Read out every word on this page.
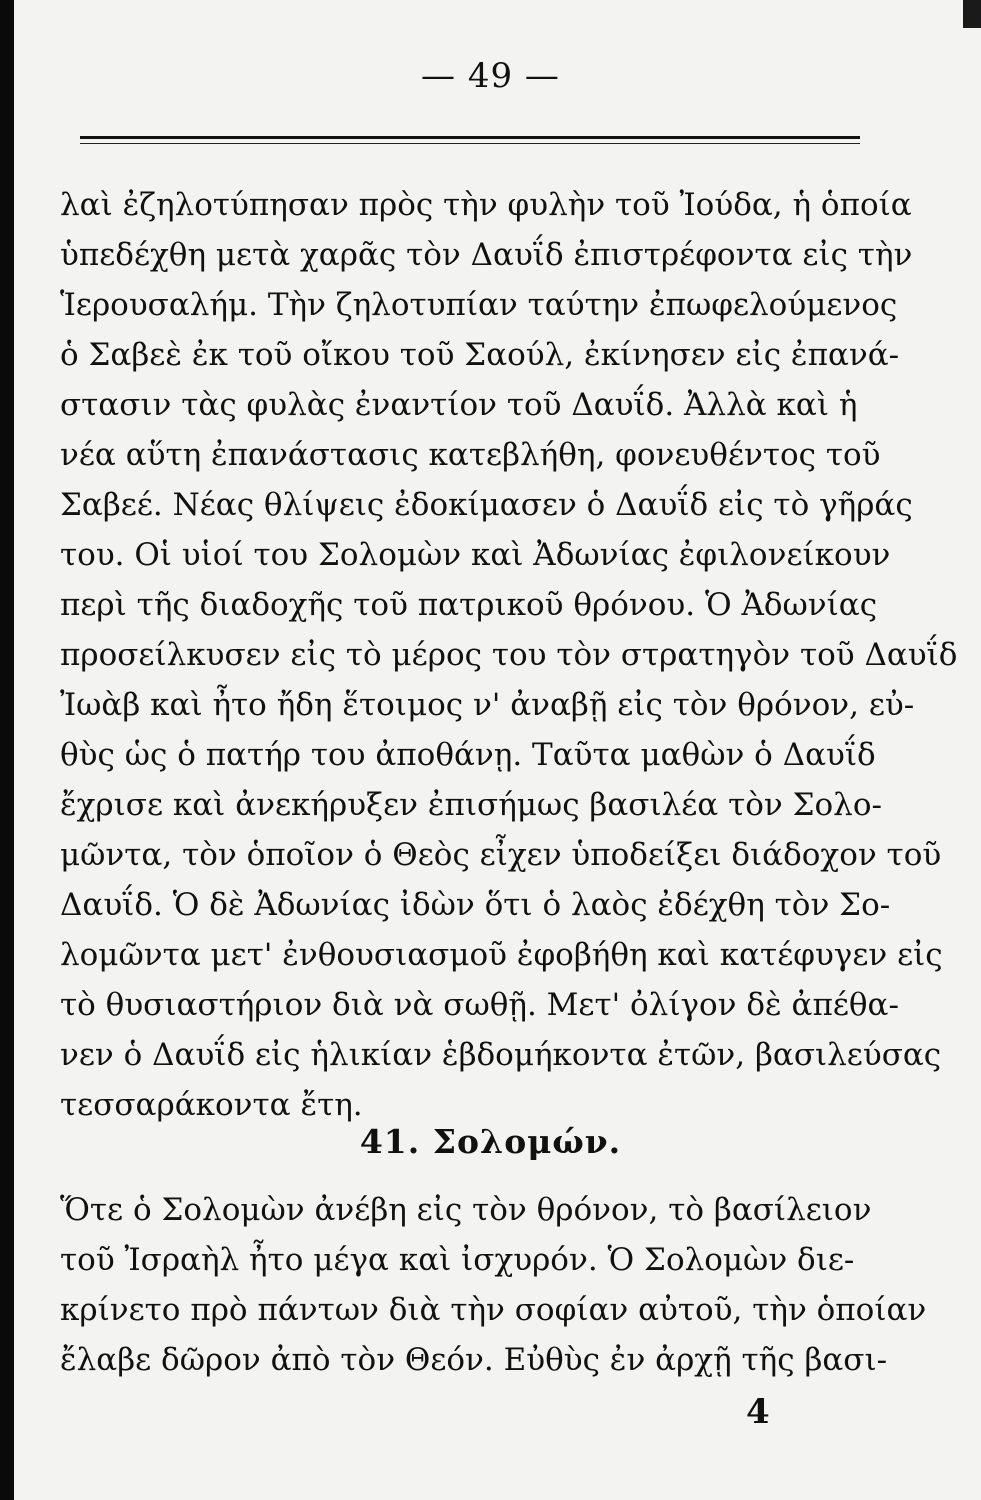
— 49 —
λαὶ ἐζηλοτύπησαν πρὸς τὴν φυλὴν τοῦ Ἰούδα, ἡ ὁποία
ὑπεδέχθη μετὰ χαρᾶς τὸν Δαυΐδ ἐπιστρέφοντα εἰς τὴν
Ἱερουσαλήμ. Τὴν ζηλοτυπίαν ταύτην ἐπωφελούμενος
ὁ Σαβεὲ ἐκ τοῦ οἴκου τοῦ Σαούλ, ἐκίνησεν εἰς ἐπανά-
στασιν τὰς φυλὰς ἐναντίον τοῦ Δαυΐδ. Ἀλλὰ καὶ ἡ
νέα αὕτη ἐπανάστασις κατεβλήθη, φονευθέντος τοῦ
Σαβεέ. Νέας θλίψεις ἐδοκίμασεν ὁ Δαυΐδ εἰς τὸ γῆράς
του. Οἱ υἱοί του Σολομὼν καὶ Ἀδωνίας ἐφιλονείκουν
περὶ τῆς διαδοχῆς τοῦ πατρικοῦ θρόνου. Ὁ Ἀδωνίας
προσείλκυσεν εἰς τὸ μέρος του τὸν στρατηγὸν τοῦ Δαυΐδ
Ἰωὰβ καὶ ἦτο ἤδη ἕτοιμος ν' ἀναβῇ εἰς τὸν θρόνον, εὐ-
θὺς ὡς ὁ πατήρ του ἀποθάνῃ. Ταῦτα μαθὼν ὁ Δαυΐδ
ἔχρισε καὶ ἀνεκήρυξεν ἐπισήμως βασιλέα τὸν Σολο-
μῶντα, τὸν ὁποῖον ὁ Θεὸς εἶχεν ὑποδείξει διάδοχον τοῦ
Δαυΐδ. Ὁ δὲ Ἀδωνίας ἰδὼν ὅτι ὁ λαὸς ἐδέχθη τὸν Σο-
λομῶντα μετ' ἐνθουσιασμοῦ ἐφοβήθη καὶ κατέφυγεν εἰς
τὸ θυσιαστήριον διὰ νὰ σωθῇ. Μετ' ὀλίγον δὲ ἀπέθα-
νεν ὁ Δαυΐδ εἰς ἡλικίαν ἑβδομήκοντα ἐτῶν, βασιλεύσας
τεσσαράκοντα ἔτη.
41. Σολομών.
Ὅτε ὁ Σολομὼν ἀνέβη εἰς τὸν θρόνον, τὸ βασίλειον
τοῦ Ἰσραὴλ ἦτο μέγα καὶ ἰσχυρόν. Ὁ Σολομὼν διε-
κρίνετο πρὸ πάντων διὰ τὴν σοφίαν αὐτοῦ, τὴν ὁποίαν
ἔλαβε δῶρον ἀπὸ τὸν Θεόν. Εὐθὺς ἐν ἀρχῇ τῆς βασι-
4
